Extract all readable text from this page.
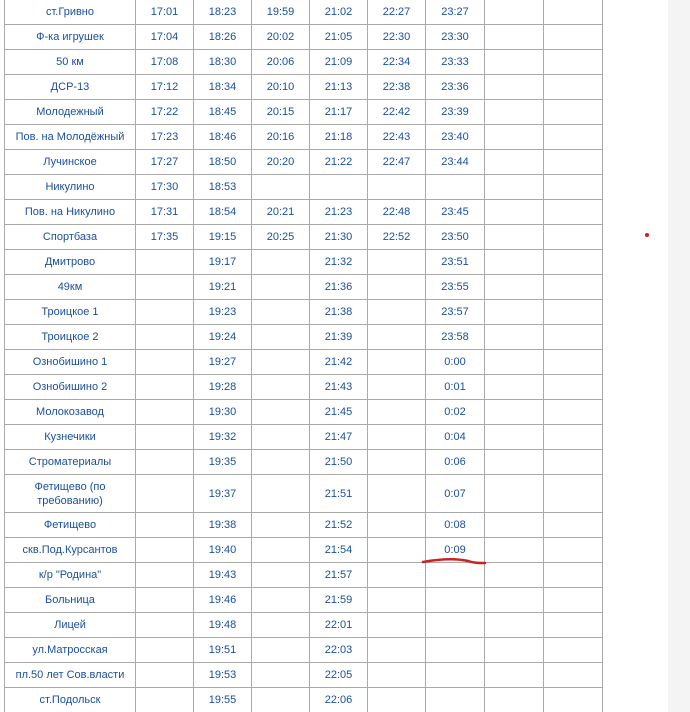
ст.Гривно	17:01	18:23	19:59	21:02	22:27	23:27		
Ф-ка игрушек	17:04	18:26	20:02	21:05	22:30	23:30		
50 км	17:08	18:30	20:06	21:09	22:34	23:33		
ДСР-13	17:12	18:34	20:10	21:13	22:38	23:36		
Молодежный	17:22	18:45	20:15	21:17	22:42	23:39		
Пов. на Молодёжный	17:23	18:46	20:16	21:18	22:43	23:40		
Лучинское	17:27	18:50	20:20	21:22	22:47	23:44		
Никулино	17:30	18:53						
Пов. на Никулино	17:31	18:54	20:21	21:23	22:48	23:45		
Спортбаза	17:35	19:15	20:25	21:30	22:52	23:50		
Дмитрово		19:17		21:32		23:51		
49км		19:21		21:36		23:55		
Троицкое 1		19:23		21:38		23:57		
Троицкое 2		19:24		21:39		23:58		
Ознобишино 1		19:27		21:42		0:00		
Ознобишино 2		19:28		21:43		0:01		
Молокозавод		19:30		21:45		0:02		
Кузнечики		19:32		21:47		0:04		
Строматериалы		19:35		21:50		0:06		
Фетищево (по требованию)		19:37		21:51		0:07		
Фетищево		19:38		21:52		0:08		
скв.Под.Курсантов		19:40		21:54		0:09		
к/р "Родина"		19:43		21:57				
Больница		19:46		21:59				
Лицей		19:48		22:01				
ул.Матросская		19:51		22:03				
пл.50 лет Сов.власти		19:53		22:05				
ст.Подольск		19:55		22:06				
